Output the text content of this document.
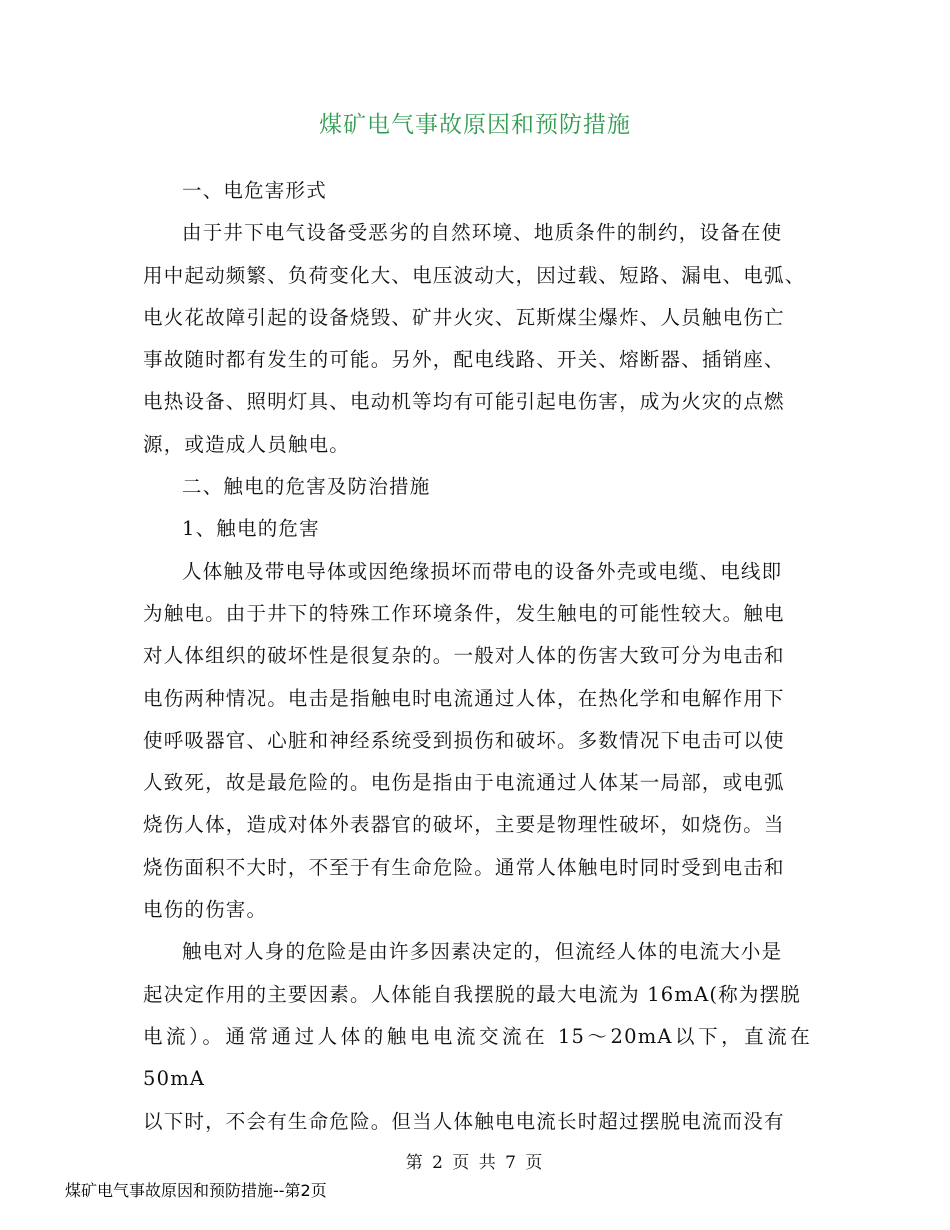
煤矿电气事故原因和预防措施

一、电危害形式

由于井下电气设备受恶劣的自然环境、地质条件的制约，设备在使
用中起动频繁、负荷变化大、电压波动大，因过载、短路、漏电、电弧、
电火花故障引起的设备烧毁、矿井火灾、瓦斯煤尘爆炸、人员触电伤亡
事故随时都有发生的可能。另外，配电线路、开关、熔断器、插销座、
电热设备、照明灯具、电动机等均有可能引起电伤害，成为火灾的点燃
源，或造成人员触电。

二、触电的危害及防治措施

1、触电的危害

人体触及带电导体或因绝缘损坏而带电的设备外壳或电缆、电线即
为触电。由于井下的特殊工作环境条件，发生触电的可能性较大。触电
对人体组织的破坏性是很复杂的。一般对人体的伤害大致可分为电击和
电伤两种情况。电击是指触电时电流通过人体，在热化学和电解作用下
使呼吸器官、心脏和神经系统受到损伤和破坏。多数情况下电击可以使
人致死，故是最危险的。电伤是指由于电流通过人体某一局部，或电弧
烧伤人体，造成对体外表器官的破坏，主要是物理性破坏，如烧伤。当
烧伤面积不大时，不至于有生命危险。通常人体触电时同时受到电击和
电伤的伤害。

触电对人身的危险是由许多因素决定的，但流经人体的电流大小是
起决定作用的主要因素。人体能自我摆脱的最大电流为 16mA(称为摆脱
电流）。通常通过人体的触电电流交流在 15～20mA以下，直流在 50mA
以下时，不会有生命危险。但当人体触电电流长时超过摆脱电流而没有

第 2 页 共 7 页
煤矿电气事故原因和预防措施--第2页
